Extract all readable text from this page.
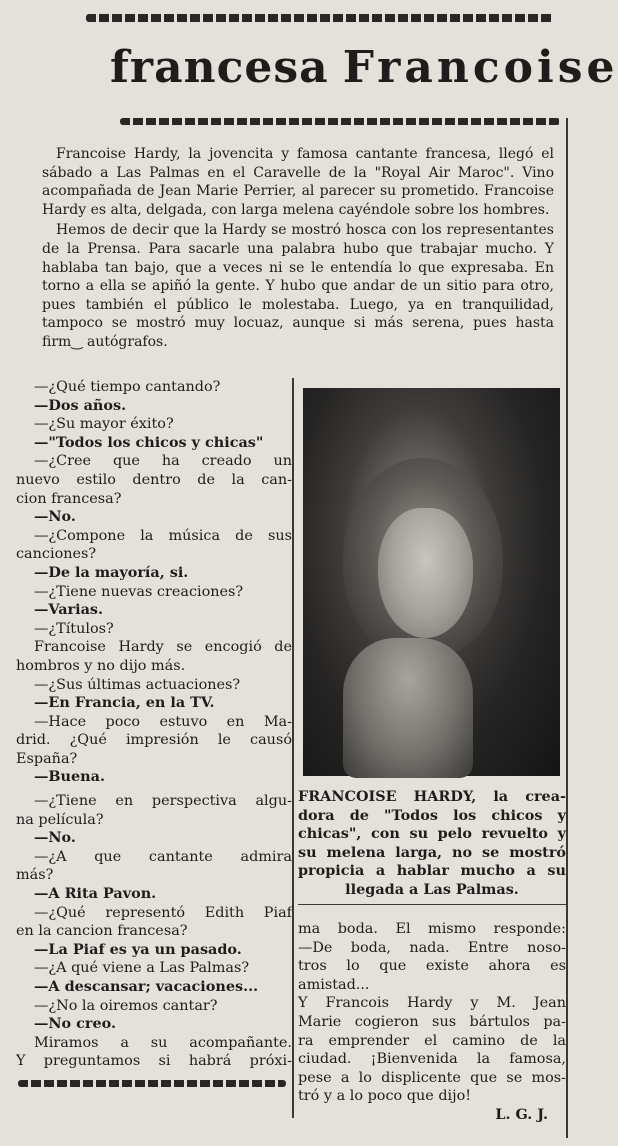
francesa Francoise

Francoise Hardy, la jovencita y famosa cantante francesa, llegó el sábado a Las Palmas en el Caravelle de la "Royal Air Maroc". Vino acompañada de Jean Marie Perrier, al parecer su prometido. Francoise Hardy es alta, delgada, con larga melena cayéndole sobre los hombres.

Hemos de decir que la Hardy se mostró hosca con los representantes de la Prensa. Para sacarle una palabra hubo que trabajar mucho. Y hablaba tan bajo, que a veces ni se le entendía lo que expresaba. En torno a ella se apiñó la gente. Y hubo que andar de un sitio para otro, pues también el público le molestaba. Luego, ya en tranquilidad, tampoco se mostró muy locuaz, aunque si más serena, pues hasta firm‿ autógrafos.

—¿Qué tiempo cantando?
—Dos años.
—¿Su mayor éxito?
—"Todos los chicos y chicas"
—¿Cree que ha creado un
nuevo estilo dentro de la can-
cion francesa?
—No.
—¿Compone la música de sus
canciones?
—De la mayoría, si.
—¿Tiene nuevas creaciones?
—Varias.
—¿Títulos?
Francoise Hardy se encogió de
hombros y no dijo más.
—¿Sus últimas actuaciones?
—En Francia, en la TV.
—Hace poco estuvo en Ma-
drid. ¿Qué impresión le causó
España?
—Buena.
—¿Tiene en perspectiva algu-
na película?
—No.
—¿A que cantante admira
más?
—A Rita Pavon.
—¿Qué representó Edith Piaf
en la cancion francesa?
—La Piaf es ya un pasado.
—¿A qué viene a Las Palmas?
—A descansar; vacaciones...
—¿No la oiremos cantar?
—No creo.
Miramos a su acompañante.
Y preguntamos si habrá próxi-
FRANCOISE HARDY, la crea-
dora de "Todos los chicos y
chicas", con su pelo revuelto y
su melena larga, no se mostró
propicia a hablar mucho a su
llegada a Las Palmas.
ma boda. El mismo responde:
—De boda, nada. Entre noso-
tros lo que existe ahora es
amistad...
Y Francois Hardy y M. Jean
Marie cogieron sus bártulos pa-
ra emprender el camino de la
ciudad. ¡Bienvenida la famosa,
pese a lo displicente que se mos-
tró y a lo poco que dijo!
L. G. J.
